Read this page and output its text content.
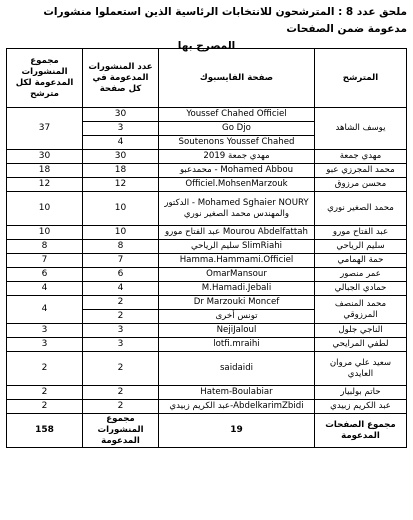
ملحق عدد 8 : المترشحون للانتخابات الرئاسية الذين استعملوا منشورات مدعومة ضمن الصفحات
المصرح بها
المترشح	صفحة الفايسبوك	عدد المنشورات المدعومة في كل صفحة	مجموع المنشورات المدعومة لكل مترشح
يوسف الشاهد	Youssef Chahed Officiel	30	37
	Go Djo	3	
	Soutenons Youssef Chahed	4	
مهدي جمعة	مهدي جمعة 2019	30	30
محمد المجرزي عبو	Mohamed Abbou - محمدعبو	18	18
محسن مرزوق	Officiel.MohsenMarzouk	12	12
محمد الصغير نوري	Mohamed Sghaier NOURY - الدكتور والمهندس محمد الصغير نوري	10	10
عبد الفتاح مورو	Mourou Abdelfattah عبد الفتاح مورو	10	10
سليم الرياحي	SlimRiahi سليم الرياحي	8	8
حمة الهمامي	Hamma.Hammami.Officiel	7	7
عمر منصور	OmarMansour	6	6
حمادي الجبالي	M.Hamadi.Jebali	4	4
محمد المنصف المرزوقي	Dr Marzouki Moncef	2	4
	تونس أخرى	2	
الناجي جلول	NejiJaloul	3	3
لطفي المرايحي	lotfi.mraihi	3	3
سعيد علي مروان العايدي	saidaidi	2	2
حاتم بولبيار	Hatem-Boulabiar	2	2
عبد الكريم زبيدي	AbdelkarimZbidi-عبد الكريم زبيدي	2	2
مجموع الصفحات المدعومة	19	مجموع المنشورات المدعومة	158
